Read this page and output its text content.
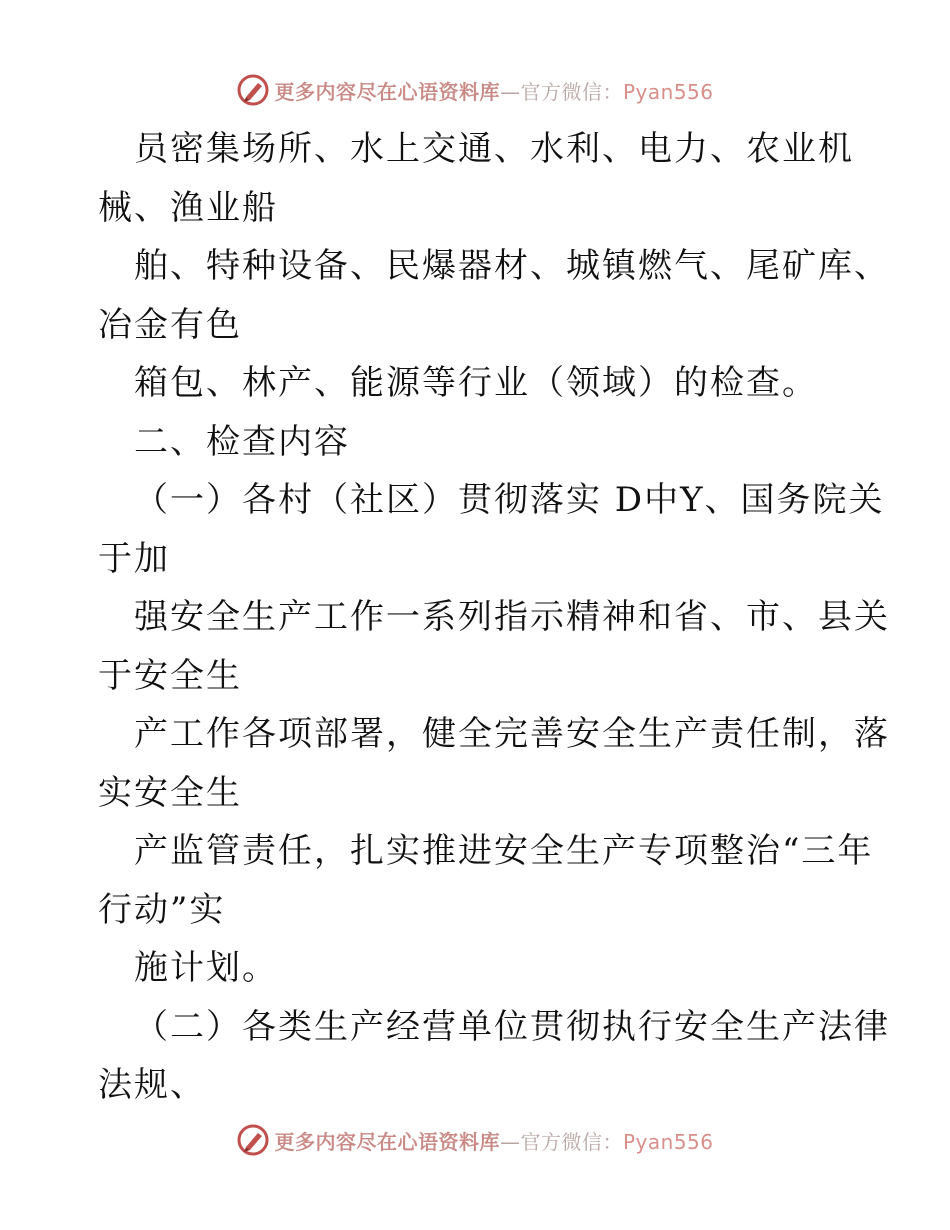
更多内容尽在心语资料库—官方微信：Pyan556
员密集场所、水上交通、水利、电力、农业机
械、渔业船
舶、特种设备、民爆器材、城镇燃气、尾矿库、
冶金有色
箱包、林产、能源等行业（领域）的检查。
二、检查内容
（一）各村（社区）贯彻落实 D中Y、国务院关
于加
强安全生产工作一系列指示精神和省、市、县关
于安全生
产工作各项部署，健全完善安全生产责任制，落
实安全生
产监管责任，扎实推进安全生产专项整治“三年
行动”实
施计划。
（二）各类生产经营单位贯彻执行安全生产法律
法规、
更多内容尽在心语资料库—官方微信：Pyan556
